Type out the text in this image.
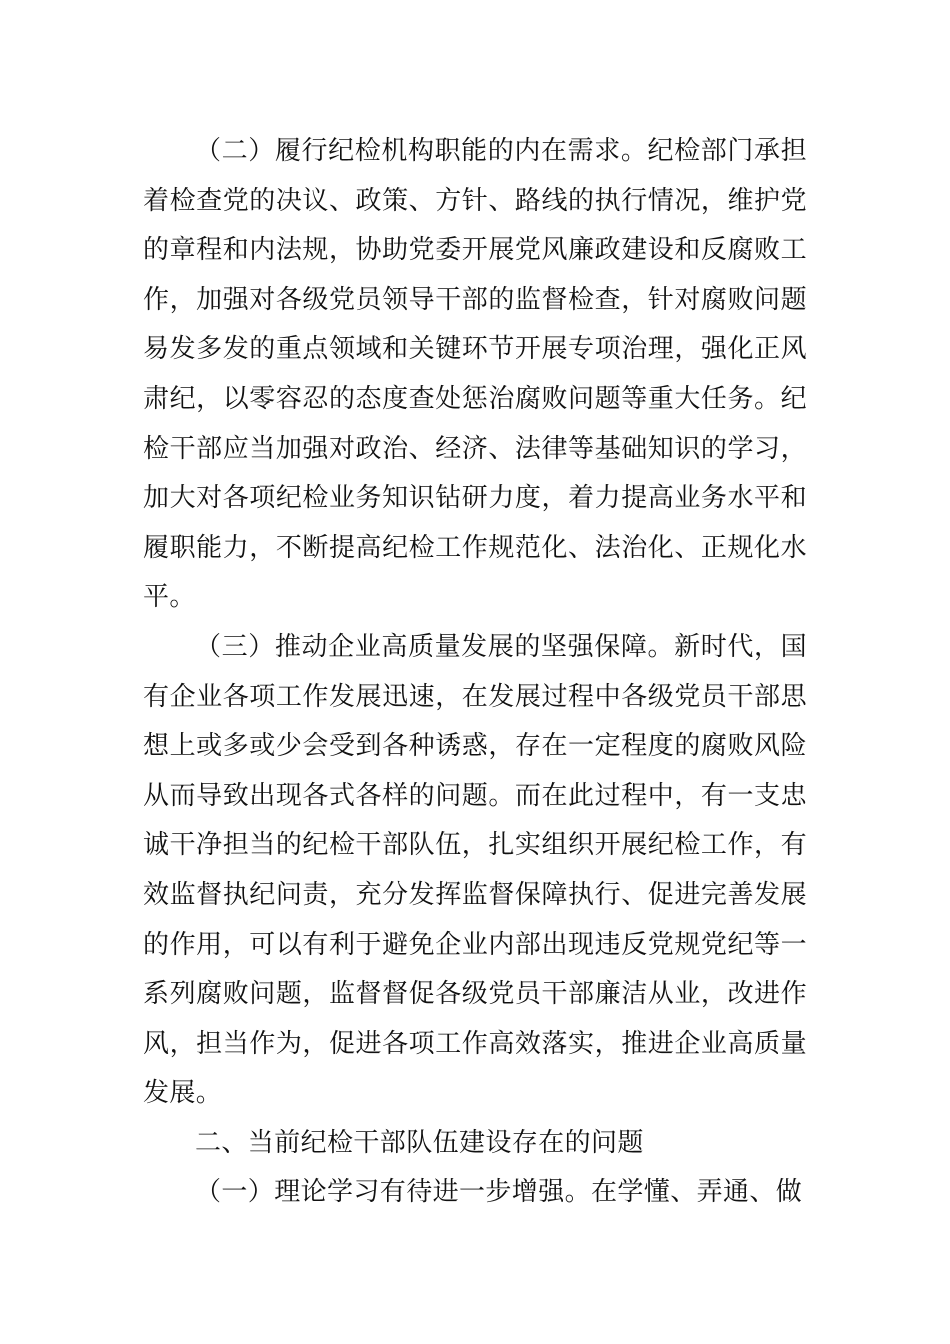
（二）履行纪检机构职能的内在需求。纪检部门承担着检查党的决议、政策、方针、路线的执行情况，维护党的章程和内法规，协助党委开展党风廉政建设和反腐败工作，加强对各级党员领导干部的监督检查，针对腐败问题易发多发的重点领域和关键环节开展专项治理，强化正风肃纪，以零容忍的态度查处惩治腐败问题等重大任务。纪检干部应当加强对政治、经济、法律等基础知识的学习，加大对各项纪检业务知识钻研力度，着力提高业务水平和履职能力，不断提高纪检工作规范化、法治化、正规化水平。

（三）推动企业高质量发展的坚强保障。新时代，国有企业各项工作发展迅速，在发展过程中各级党员干部思想上或多或少会受到各种诱惑，存在一定程度的腐败风险从而导致出现各式各样的问题。而在此过程中，有一支忠诚干净担当的纪检干部队伍，扎实组织开展纪检工作，有效监督执纪问责，充分发挥监督保障执行、促进完善发展的作用，可以有利于避免企业内部出现违反党规党纪等一系列腐败问题，监督督促各级党员干部廉洁从业，改进作风，担当作为，促进各项工作高效落实，推进企业高质量发展。

二、当前纪检干部队伍建设存在的问题

（一）理论学习有待进一步增强。在学懂、弄通、做
